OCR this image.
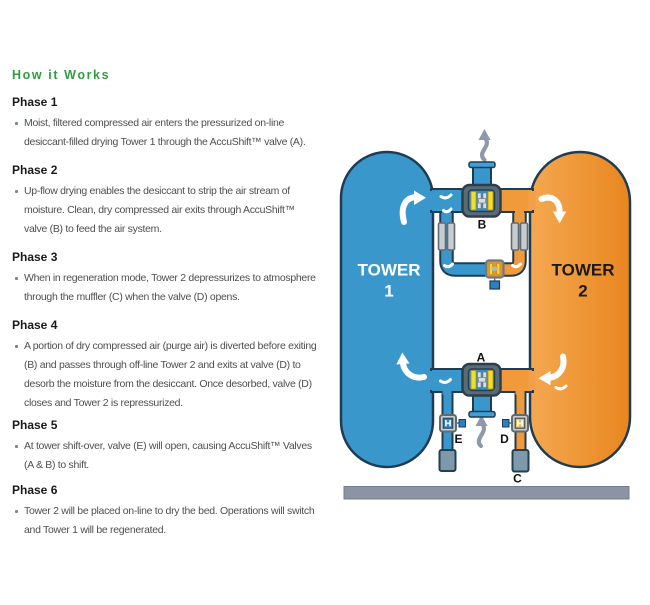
How it Works
Phase 1
Moist, filtered compressed air enters the pressurized on-line desiccant-filled drying Tower 1 through the AccuShift™ valve (A).
Phase 2
Up-flow drying enables the desiccant to strip the air stream of moisture. Clean, dry compressed air exits through AccuShift™ valve (B) to feed the air system.
Phase 3
When in regeneration mode, Tower 2 depressurizes to atmosphere through the muffler (C) when the valve (D) opens.
Phase 4
A portion of dry compressed air (purge air) is diverted before exiting (B) and passes through off-line Tower 2 and exits at valve (D) to desorb the moisture from the desiccant. Once desorbed, valve (D) closes and Tower 2 is repressurized.
Phase 5
At tower shift-over, valve (E) will open, causing AccuShift™ Valves (A & B) to shift.
Phase 6
Tower 2 will be placed on-line to dry the bed. Operations will switch and Tower 1 will be regenerated.
TOWER
1
TOWER
2
B
A
E	D
C
